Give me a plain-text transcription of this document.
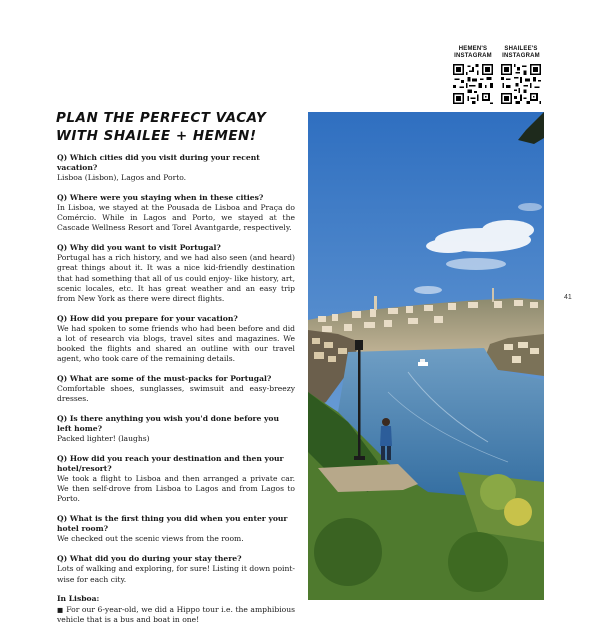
HEMEN'S INSTAGRAM
SHAILEE'S INSTAGRAM
PLAN THE PERFECT VACAY WITH SHAILEE + HEMEN!
Q) Which cities did you visit during your recent vacation?
Lisboa (Lisbon), Lagos and Porto.
Q) Where were you staying when in these cities?
In Lisboa, we stayed at the Pousada de Lisboa and Praça do Comércio. While in Lagos and Porto, we stayed at the Cascade Wellness Resort and Torel Avantgarde, respectively.
Q) Why did you want to visit Portugal?
Portugal has a rich history, and we had also seen (and heard) great things about it. It was a nice kid-friendly destination that had something that all of us could enjoy- like history, art, scenic locales, etc. It has great weather and an easy trip from New York as there were direct flights.
Q) How did you prepare for your vacation?
We had spoken to some friends who had been before and did a lot of research via blogs, travel sites and magazines. We booked the flights and shared an outline with our travel agent, who took care of the remaining details.
Q) What are some of the must-packs for Portugal?
Comfortable shoes, sunglasses, swimsuit and easy-breezy dresses.
Q) Is there anything you wish you'd done before you left home?
Packed lighter! (laughs)
Q) How did you reach your destination and then your hotel/resort?
We took a flight to Lisboa and then arranged a private car. We then self-drove from Lisboa to Lagos and from Lagos to Porto.
Q) What is the first thing you did when you enter your hotel room?
We checked out the scenic views from the room.
Q) What did you do during your stay there?
Lots of walking and exploring, for sure! Listing it down point-wise for each city.
In Lisboa:
■ For our 6-year-old, we did a Hippo tour i.e. the amphibious vehicle that is a bus and boat in one!
41
